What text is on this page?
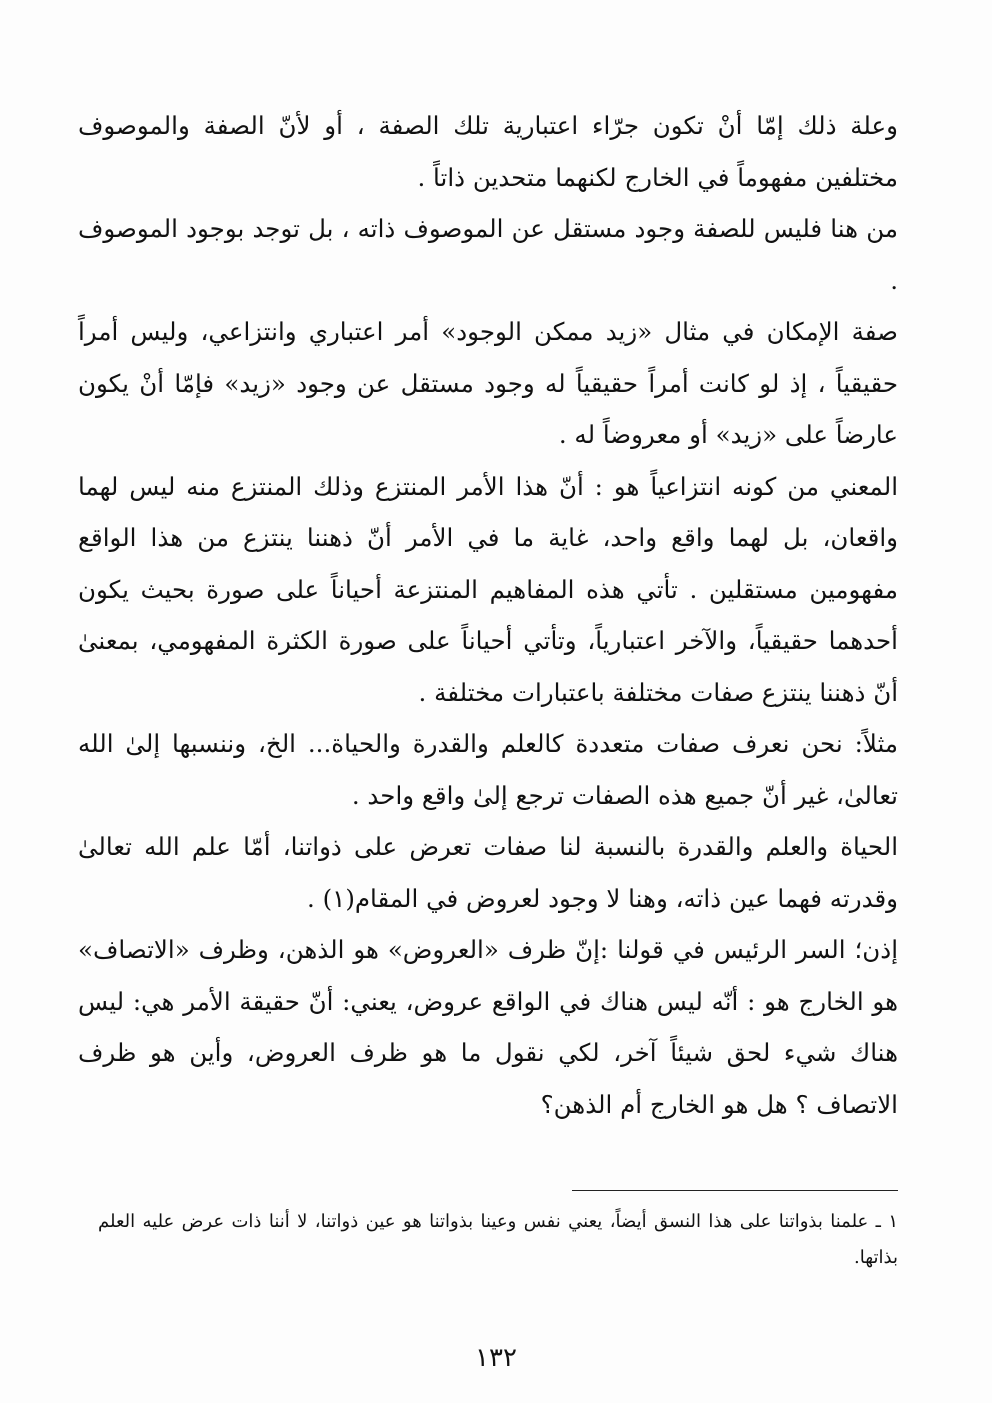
وعلة ذلك إمّا أنْ تكون جرّاء اعتبارية تلك الصفة ، أو لأنّ الصفة والموصوف مختلفين مفهوماً في الخارج لكنهما متحدين ذاتاً .

من هنا فليس للصفة وجود مستقل عن الموصوف ذاته ، بل توجد بوجود الموصوف .

صفة الإمكان في مثال «زيد ممكن الوجود» أمر اعتباري وانتزاعي، وليس أمراً حقيقياً ، إذ لو كانت أمراً حقيقياً له وجود مستقل عن وجود «زيد» فإمّا أنْ يكون عارضاً على «زيد» أو معروضاً له .

المعني من كونه انتزاعياً هو : أنّ هذا الأمر المنتزع وذلك المنتزع منه ليس لهما واقعان، بل لهما واقع واحد، غاية ما في الأمر أنّ ذهننا ينتزع من هذا الواقع مفهومين مستقلين . تأتي هذه المفاهيم المنتزعة أحياناً على صورة بحيث يكون أحدهما حقيقياً، والآخر اعتبارياً، وتأتي أحياناً على صورة الكثرة المفهومي، بمعنىٰ أنّ ذهننا ينتزع صفات مختلفة باعتبارات مختلفة .

مثلاً: نحن نعرف صفات متعددة كالعلم والقدرة والحياة... الخ، وننسبها إلىٰ الله تعالىٰ، غير أنّ جميع هذه الصفات ترجع إلىٰ واقع واحد .

الحياة والعلم والقدرة بالنسبة لنا صفات تعرض على ذواتنا، أمّا علم الله تعالىٰ وقدرته فهما عين ذاته، وهنا لا وجود لعروض في المقام(١) .

إذن؛ السر الرئيس في قولنا :إنّ ظرف «العروض» هو الذهن، وظرف «الاتصاف» هو الخارج هو : أنّه ليس هناك في الواقع عروض، يعني: أنّ حقيقة الأمر هي: ليس هناك شيء لحق شيئاً آخر، لكي نقول ما هو ظرف العروض، وأين هو ظرف الاتصاف ؟ هل هو الخارج أم الذهن؟

١ ـ علمنا بذواتنا على هذا النسق أيضاً، يعني نفس وعينا بذواتنا هو عين ذواتنا، لا أننا ذات عرض عليه العلم بذاتها.

١٣٢
